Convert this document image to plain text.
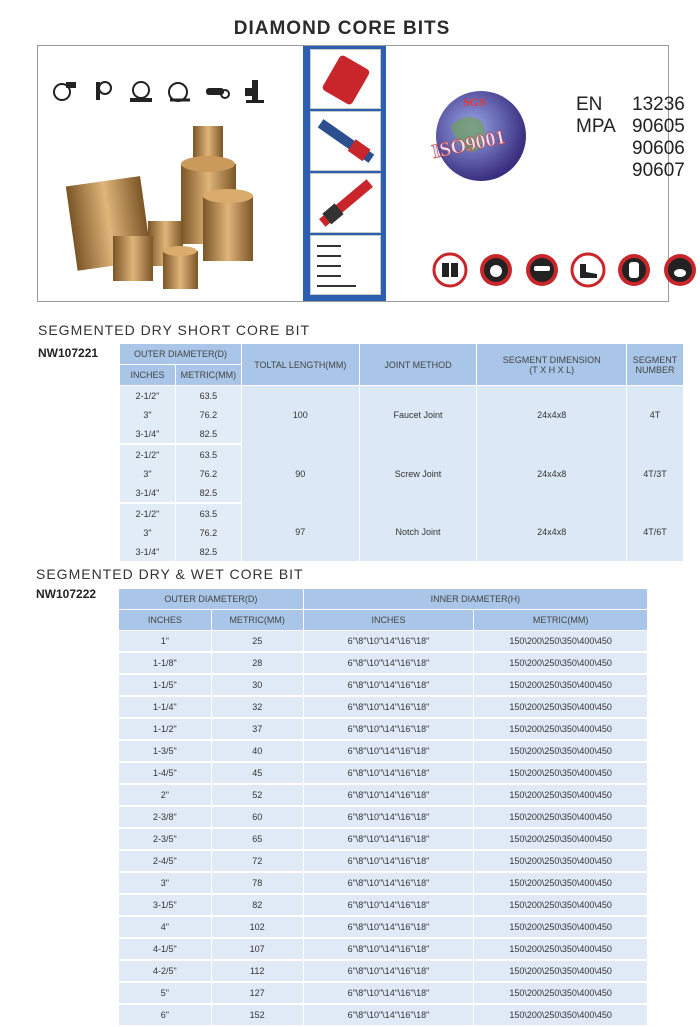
DIAMOND CORE BITS
SGS
ISO9001
EN	13236
MPA 90605
90606
90607
SEGMENTED DRY SHORT CORE BIT
NW107221	OUTER DIAMETER(D)		TOLTAL LENGTH(MM)	JOINT METHOD	SEGMENT DIMENSION
(T X H X L)	SEGMENT
NUMBER
INCHES	METRIC(MM)				
2-1/2"	63.5	100	Faucet Joint	24x4x8	4T
3"	76.2				
3-1/4"	82.5				
2-1/2"	63.5	90	Screw Joint	24x4x8	4T/3T
3"	76.2				
3-1/4"	82.5				
2-1/2"	63.5	97	Notch Joint	24x4x8	4T/6T
3"	76.2				
3-1/4"	82.5				
SEGMENTED DRY & WET CORE BIT
NW107222	OUTER DIAMETER(D)		INNER DIAMETER(H)	
INCHES	METRIC(MM)	INCHES	METRIC(MM)
1"	25	6"\8"\10"\14"\16"\18"	150\200\250\350\400\450
1-1/8"	28	6"\8"\10"\14"\16"\18"	150\200\250\350\400\450
1-1/5"	30	6"\8"\10"\14"\16"\18"	150\200\250\350\400\450
1-1/4"	32	6"\8"\10"\14"\16"\18"	150\200\250\350\400\450
1-1/2"	37	6"\8"\10"\14"\16"\18"	150\200\250\350\400\450
1-3/5"	40	6"\8"\10"\14"\16"\18"	150\200\250\350\400\450
1-4/5"	45	6"\8"\10"\14"\16"\18"	150\200\250\350\400\450
2"	52	6"\8"\10"\14"\16"\18"	150\200\250\350\400\450
2-3/8"	60	6"\8"\10"\14"\16"\18"	150\200\250\350\400\450
2-3/5"	65	6"\8"\10"\14"\16"\18"	150\200\250\350\400\450
2-4/5"	72	6"\8"\10"\14"\16"\18"	150\200\250\350\400\450
3"	78	6"\8"\10"\14"\16"\18"	150\200\250\350\400\450
3-1/5"	82	6"\8"\10"\14"\16"\18"	150\200\250\350\400\450
4"	102	6"\8"\10"\14"\16"\18"	150\200\250\350\400\450
4-1/5"	107	6"\8"\10"\14"\16"\18"	150\200\250\350\400\450
4-2/5"	112	6"\8"\10"\14"\16"\18"	150\200\250\350\400\450
5"	127	6"\8"\10"\14"\16"\18"	150\200\250\350\400\450
6"	152	6"\8"\10"\14"\16"\18"	150\200\250\350\400\450
